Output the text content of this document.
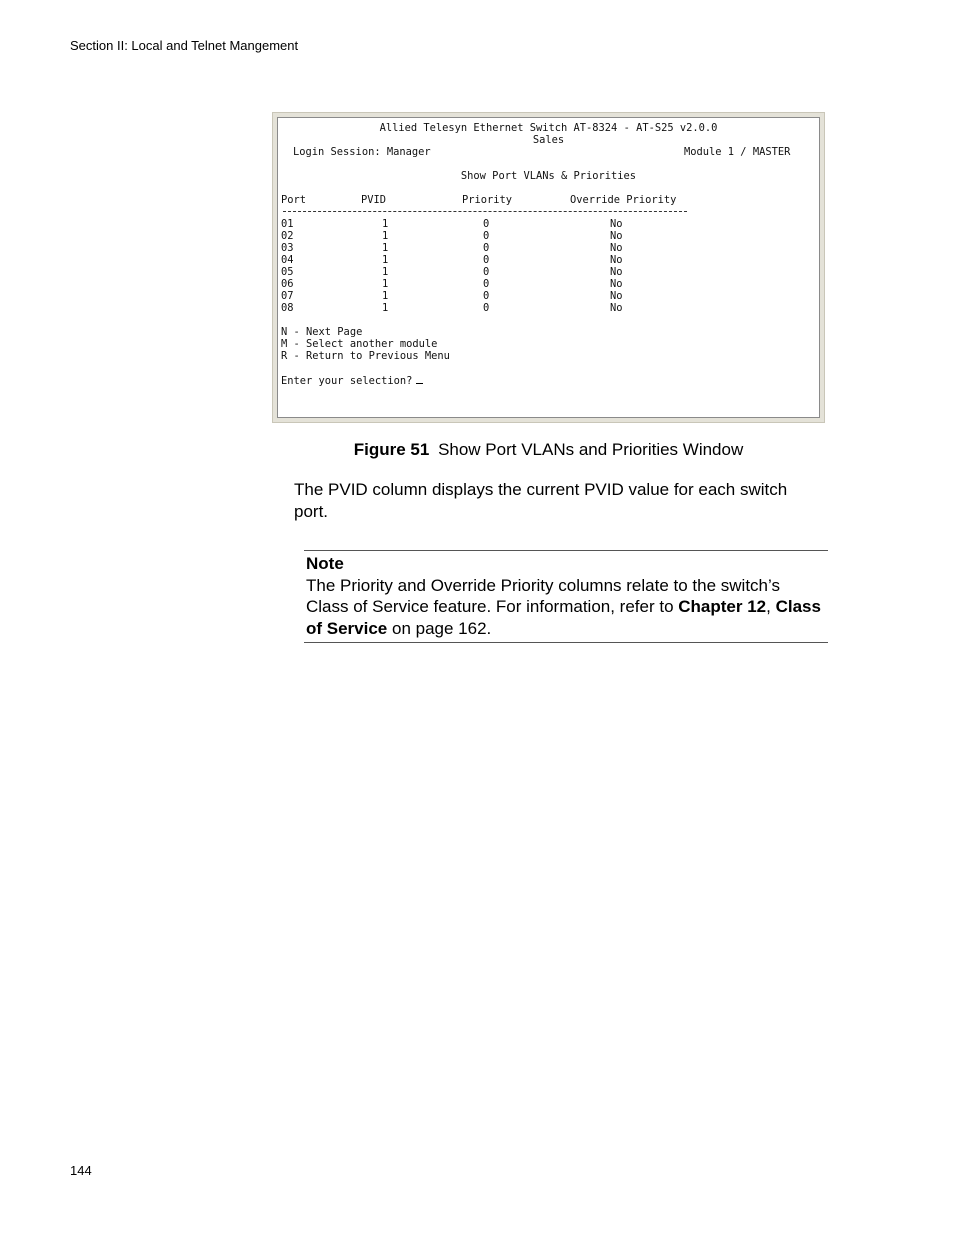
Section II: Local and Telnet Mangement
Allied Telesyn Ethernet Switch AT-8324 - AT-S25 v2.0.0
Sales
Login Session: Manager	Module 1 / MASTER
Show Port VLANs & Priorities
Port	PVID	Priority	Override Priority
01	1	0	No
02	1	0	No
03	1	0	No
04	1	0	No
05	1	0	No
06	1	0	No
07	1	0	No
08	1	0	No
N - Next Page
M - Select another module
R - Return to Previous Menu
Enter your selection?
Figure 51 Show Port VLANs and Priorities Window
The PVID column displays the current PVID value for each switch port.
Note
The Priority and Override Priority columns relate to the switch’s Class of Service feature. For information, refer to Chapter 12, Class of Service on page 162.
144
